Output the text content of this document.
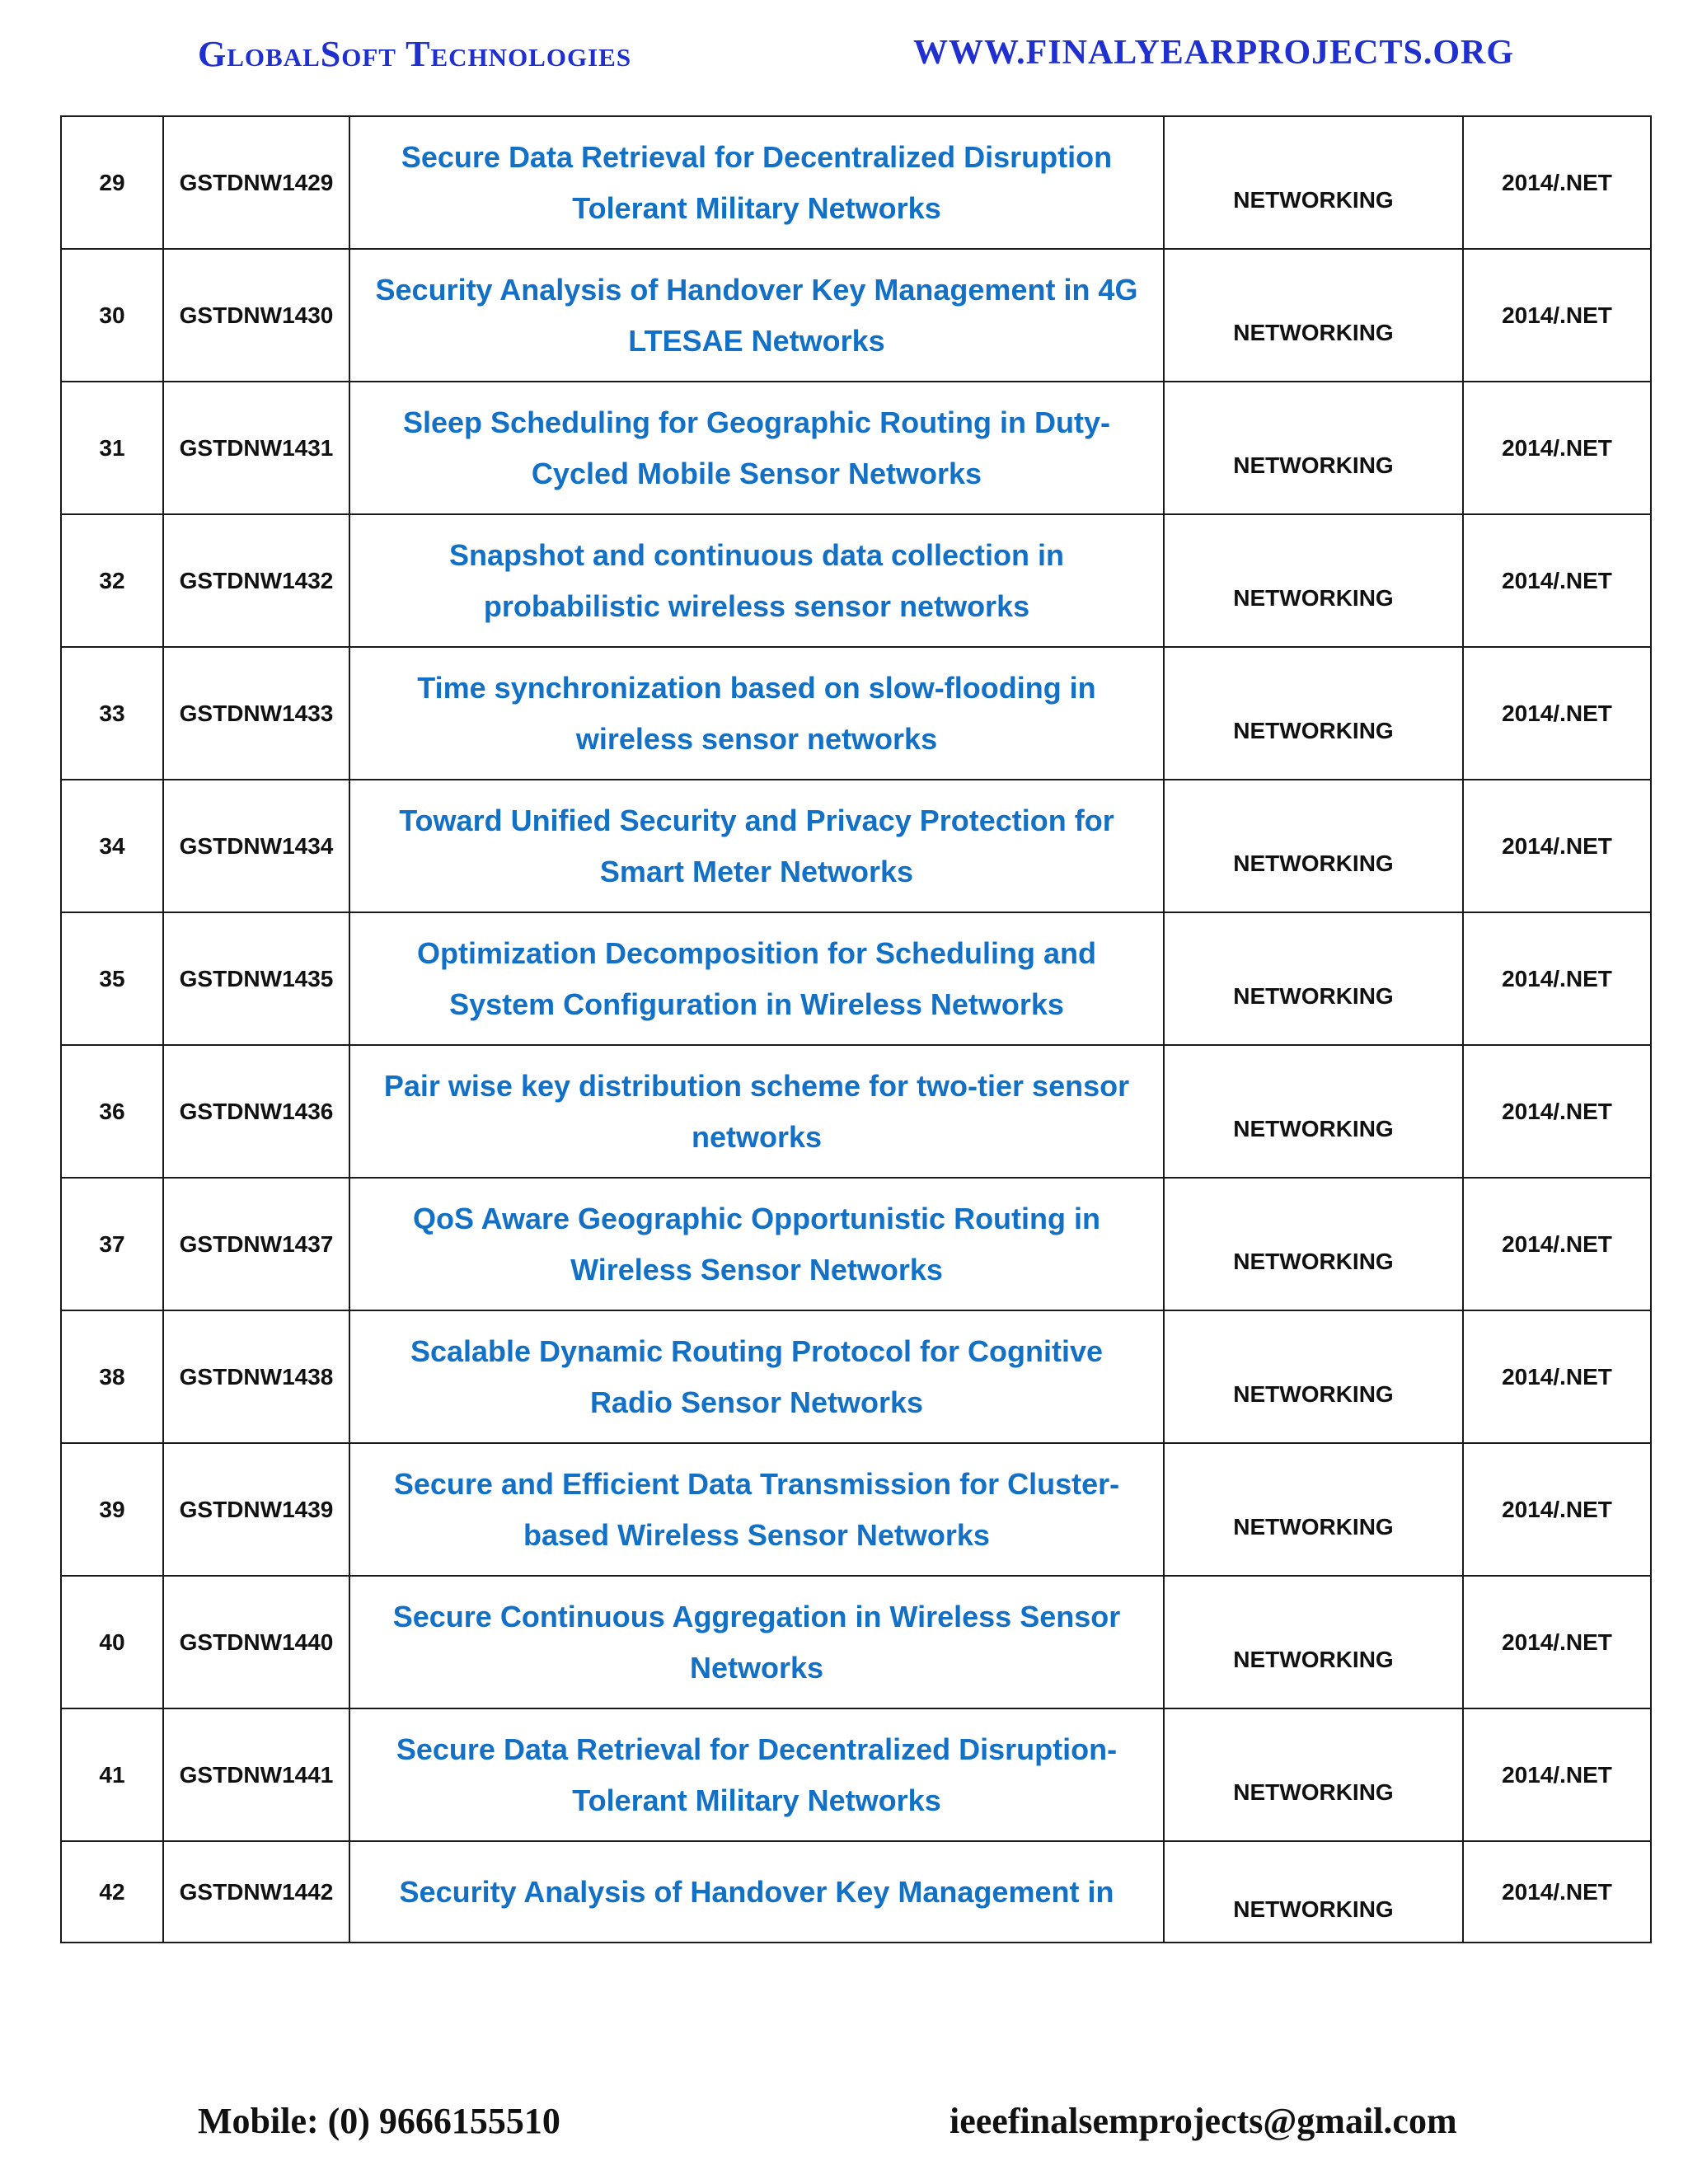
GlobalSoft Technologies	WWW.FINALYEARPROJECTS.ORG
29	GSTDNW1429	Secure Data Retrieval for Decentralized Disruption Tolerant Military Networks	NETWORKING	2014/.NET
30	GSTDNW1430	Security Analysis of Handover Key Management in 4G LTESAE Networks	NETWORKING	2014/.NET
31	GSTDNW1431	Sleep Scheduling for Geographic Routing in Duty-Cycled Mobile Sensor Networks	NETWORKING	2014/.NET
32	GSTDNW1432	Snapshot and continuous data collection in probabilistic wireless sensor networks	NETWORKING	2014/.NET
33	GSTDNW1433	Time synchronization based on slow-flooding in wireless sensor networks	NETWORKING	2014/.NET
34	GSTDNW1434	Toward Unified Security and Privacy Protection for Smart Meter Networks	NETWORKING	2014/.NET
35	GSTDNW1435	Optimization Decomposition for Scheduling and System Configuration in Wireless Networks	NETWORKING	2014/.NET
36	GSTDNW1436	Pair wise key distribution scheme for two-tier sensor networks	NETWORKING	2014/.NET
37	GSTDNW1437	QoS Aware Geographic Opportunistic Routing in Wireless Sensor Networks	NETWORKING	2014/.NET
38	GSTDNW1438	Scalable Dynamic Routing Protocol for Cognitive Radio Sensor Networks	NETWORKING	2014/.NET
39	GSTDNW1439	Secure and Efficient Data Transmission for Cluster-based Wireless Sensor Networks	NETWORKING	2014/.NET
40	GSTDNW1440	Secure Continuous Aggregation in Wireless Sensor Networks	NETWORKING	2014/.NET
41	GSTDNW1441	Secure Data Retrieval for Decentralized Disruption-Tolerant Military Networks	NETWORKING	2014/.NET
42	GSTDNW1442	Security Analysis of Handover Key Management in	NETWORKING	2014/.NET
Mobile: (0) 9666155510	ieeefinalsemprojects@gmail.com
